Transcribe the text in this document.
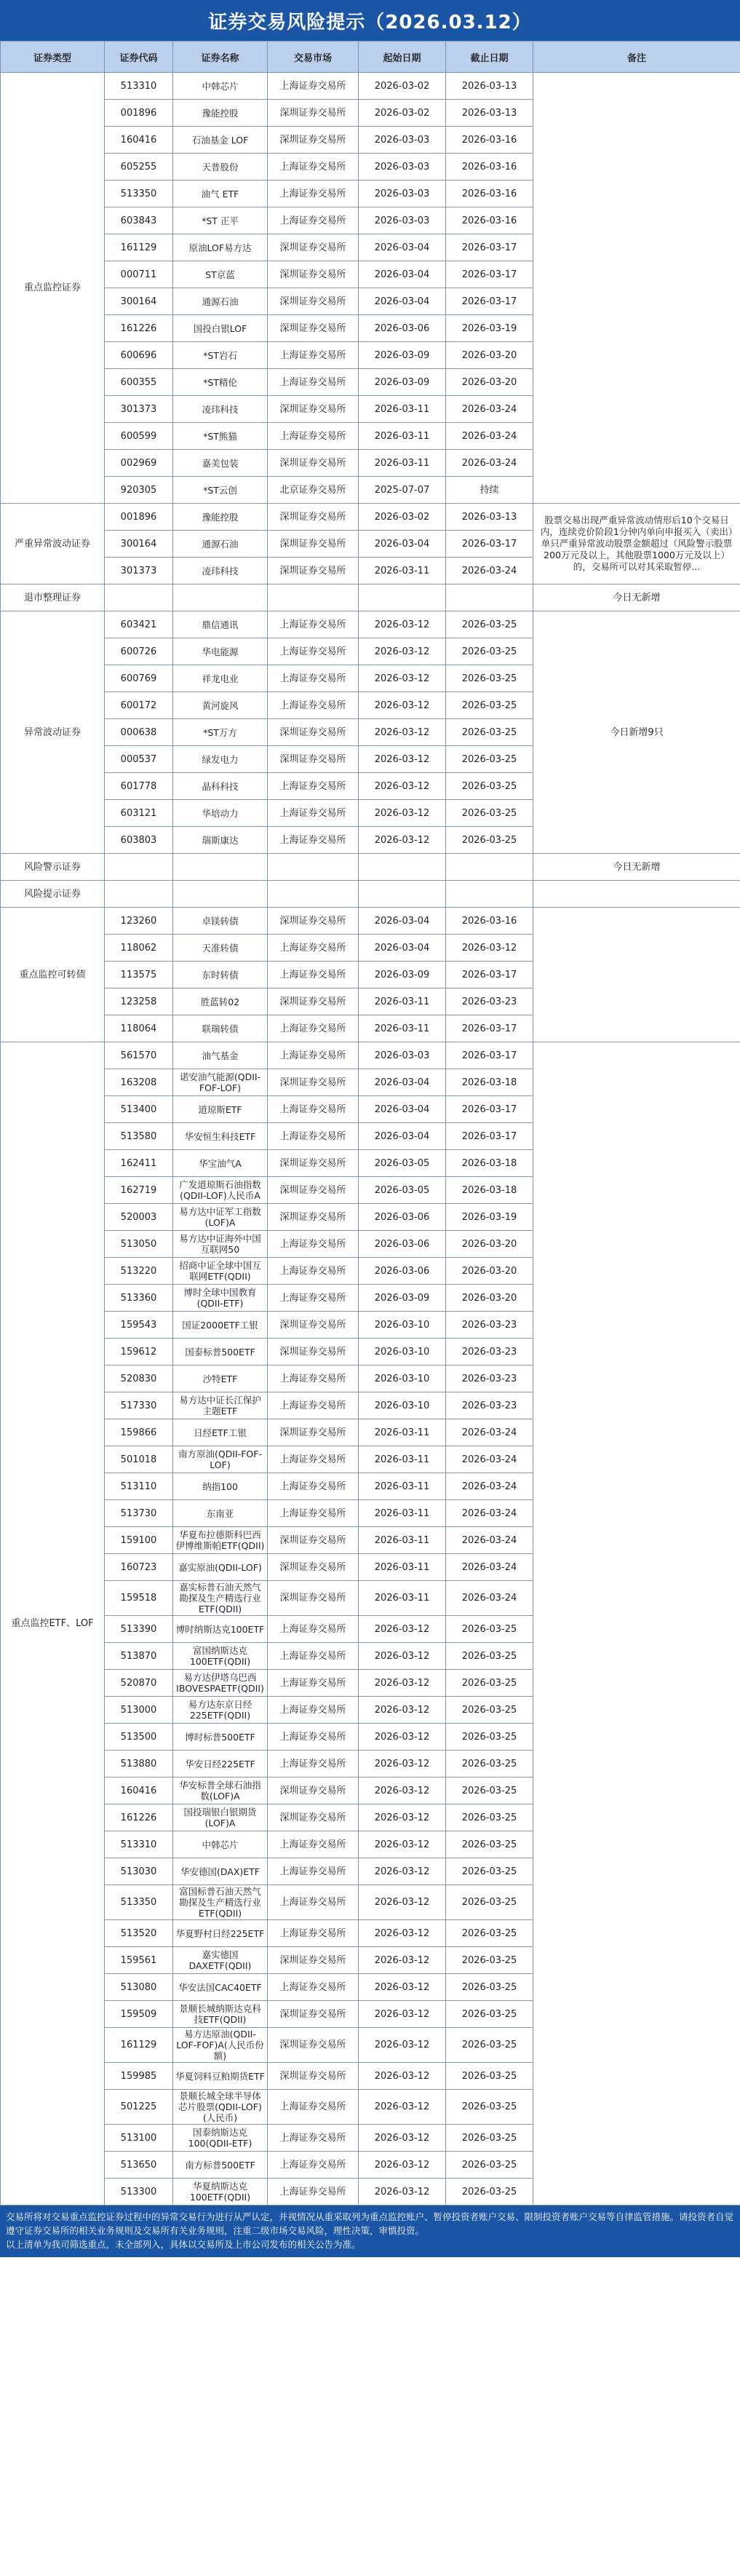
证券交易风险提示（2026.03.12）
证券类型	证券代码	证券名称	交易市场	起始日期	截止日期	备注
重点监控证券	513310	中韩芯片	上海证券交易所	2026-03-02	2026-03-13	
	001896	豫能控股	深圳证券交易所	2026-03-02	2026-03-13	
	160416	石油基金 LOF	深圳证券交易所	2026-03-03	2026-03-16	
	605255	天普股份	上海证券交易所	2026-03-03	2026-03-16	
	513350	油气 ETF	上海证券交易所	2026-03-03	2026-03-16	
	603843	*ST 正平	上海证券交易所	2026-03-03	2026-03-16	
	161129	原油LOF易方达	深圳证券交易所	2026-03-04	2026-03-17	
	000711	ST京蓝	深圳证券交易所	2026-03-04	2026-03-17	
	300164	通源石油	深圳证券交易所	2026-03-04	2026-03-17	
	161226	国投白银LOF	深圳证券交易所	2026-03-06	2026-03-19	
	600696	*ST岩石	上海证券交易所	2026-03-09	2026-03-20	
	600355	*ST精伦	上海证券交易所	2026-03-09	2026-03-20	
	301373	凌玮科技	深圳证券交易所	2026-03-11	2026-03-24	
	600599	*ST熊猫	上海证券交易所	2026-03-11	2026-03-24	
	002969	嘉美包装	深圳证券交易所	2026-03-11	2026-03-24	
	920305	*ST云创	北京证券交易所	2025-07-07	持续	
严重异常波动证券	001896	豫能控股	深圳证券交易所	2026-03-02	2026-03-13	股票交易出现严重异常波动情形后10个交易日内，连续竞价阶段1分钟内单向申报买入（卖出）单只严重异常波动股票金额超过（风险警示股票200万元及以上，其他股票1000万元及以上）的，交易所可以对其采取暂停...
	300164	通源石油	深圳证券交易所	2026-03-04	2026-03-17	
	301373	凌玮科技	深圳证券交易所	2026-03-11	2026-03-24	
退市整理证券						今日无新增
异常波动证券	603421	鼎信通讯	上海证券交易所	2026-03-12	2026-03-25	今日新增9只
	600726	华电能源	上海证券交易所	2026-03-12	2026-03-25	
	600769	祥龙电业	上海证券交易所	2026-03-12	2026-03-25	
	600172	黄河旋风	上海证券交易所	2026-03-12	2026-03-25	
	000638	*ST万方	深圳证券交易所	2026-03-12	2026-03-25	
	000537	绿发电力	深圳证券交易所	2026-03-12	2026-03-25	
	601778	晶科科技	上海证券交易所	2026-03-12	2026-03-25	
	603121	华培动力	上海证券交易所	2026-03-12	2026-03-25	
	603803	瑞斯康达	上海证券交易所	2026-03-12	2026-03-25	
风险警示证券						今日无新增
风险提示证券						
重点监控可转债	123260	卓镁转债	深圳证券交易所	2026-03-04	2026-03-16	
	118062	天准转债	上海证券交易所	2026-03-04	2026-03-12	
	113575	东时转债	上海证券交易所	2026-03-09	2026-03-17	
	123258	胜蓝转02	深圳证券交易所	2026-03-11	2026-03-23	
	118064	联瑞转债	上海证券交易所	2026-03-11	2026-03-17	
重点监控ETF、LOF	561570	油气基金	上海证券交易所	2026-03-03	2026-03-17	
	163208	诺安油气能源(QDII-FOF-LOF)	深圳证券交易所	2026-03-04	2026-03-18	
	513400	道琼斯ETF	上海证券交易所	2026-03-04	2026-03-17	
	513580	华安恒生科技ETF	上海证券交易所	2026-03-04	2026-03-17	
	162411	华宝油气A	深圳证券交易所	2026-03-05	2026-03-18	
	162719	广发道琼斯石油指数(QDII-LOF)人民币A	深圳证券交易所	2026-03-05	2026-03-18	
	520003	易方达中证军工指数(LOF)A	深圳证券交易所	2026-03-06	2026-03-19	
	513050	易方达中证海外中国互联网50	上海证券交易所	2026-03-06	2026-03-20	
	513220	招商中证全球中国互联网ETF(QDII)	上海证券交易所	2026-03-06	2026-03-20	
	513360	博时全球中国教育(QDII-ETF)	上海证券交易所	2026-03-09	2026-03-20	
	159543	国证2000ETF工银	深圳证券交易所	2026-03-10	2026-03-23	
	159612	国泰标普500ETF	深圳证券交易所	2026-03-10	2026-03-23	
	520830	沙特ETF	上海证券交易所	2026-03-10	2026-03-23	
	517330	易方达中证长江保护主题ETF	上海证券交易所	2026-03-10	2026-03-23	
	159866	日经ETF工银	深圳证券交易所	2026-03-11	2026-03-24	
	501018	南方原油(QDII-FOF-LOF)	上海证券交易所	2026-03-11	2026-03-24	
	513110	纳指100	上海证券交易所	2026-03-11	2026-03-24	
	513730	东南亚	上海证券交易所	2026-03-11	2026-03-24	
	159100	华夏布拉德斯科巴西伊博维斯帕ETF(QDII)	深圳证券交易所	2026-03-11	2026-03-24	
	160723	嘉实原油(QDII-LOF)	深圳证券交易所	2026-03-11	2026-03-24	
	159518	嘉实标普石油天然气勘探及生产精选行业ETF(QDII)	深圳证券交易所	2026-03-11	2026-03-24	
	513390	博时纳斯达克100ETF	上海证券交易所	2026-03-12	2026-03-25	
	513870	富国纳斯达克100ETF(QDII)	上海证券交易所	2026-03-12	2026-03-25	
	520870	易方达伊塔乌巴西IBOVESPAETF(QDII)	上海证券交易所	2026-03-12	2026-03-25	
	513000	易方达东京日经225ETF(QDII)	上海证券交易所	2026-03-12	2026-03-25	
	513500	博时标普500ETF	上海证券交易所	2026-03-12	2026-03-25	
	513880	华安日经225ETF	上海证券交易所	2026-03-12	2026-03-25	
	160416	华安标普全球石油指数(LOF)A	深圳证券交易所	2026-03-12	2026-03-25	
	161226	国投瑞银白银期货(LOF)A	深圳证券交易所	2026-03-12	2026-03-25	
	513310	中韩芯片	上海证券交易所	2026-03-12	2026-03-25	
	513030	华安德国(DAX)ETF	上海证券交易所	2026-03-12	2026-03-25	
	513350	富国标普石油天然气勘探及生产精选行业ETF(QDII)	上海证券交易所	2026-03-12	2026-03-25	
	513520	华夏野村日经225ETF	上海证券交易所	2026-03-12	2026-03-25	
	159561	嘉实德国DAXETF(QDII)	深圳证券交易所	2026-03-12	2026-03-25	
	513080	华安法国CAC40ETF	上海证券交易所	2026-03-12	2026-03-25	
	159509	景顺长城纳斯达克科技ETF(QDII)	深圳证券交易所	2026-03-12	2026-03-25	
	161129	易方达原油(QDII-LOF-FOF)A(人民币份额)	深圳证券交易所	2026-03-12	2026-03-25	
	159985	华夏饲料豆粕期货ETF	深圳证券交易所	2026-03-12	2026-03-25	
	501225	景顺长城全球半导体芯片股票(QDII-LOF)(人民币)	上海证券交易所	2026-03-12	2026-03-25	
	513100	国泰纳斯达克100(QDII-ETF)	上海证券交易所	2026-03-12	2026-03-25	
	513650	南方标普500ETF	上海证券交易所	2026-03-12	2026-03-25	
	513300	华夏纳斯达克100ETF(QDII)	上海证券交易所	2026-03-12	2026-03-25	

交易所将对交易重点监控证券过程中的异常交易行为进行从严认定，并视情况从重采取列为重点监控账户、暂停投资者账户交易、限制投资者账户交易等自律监管措施。请投资者自觉遵守证券交易所的相关业务规则及交易所有关业务规则，注重二级市场交易风险，理性决策，审慎投资。

以上清单为我司筛选重点，未全部列入，具体以交易所及上市公司发布的相关公告为准。
